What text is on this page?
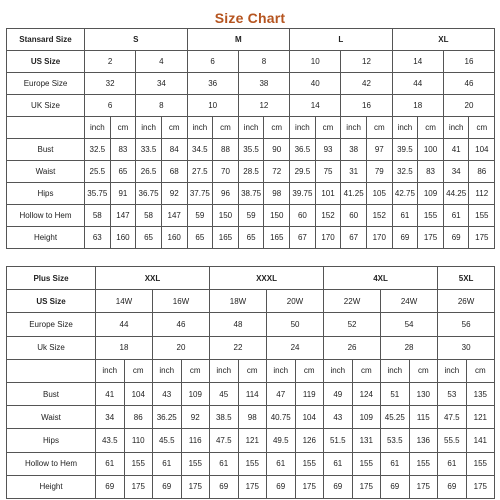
Size Chart
Stansard Size	S				M				L				XL			
US Size	2		4		6		8		10		12		14		16	
Europe Size	32		34		36		38		40		42		44		46	
UK Size	6		8		10		12		14		16		18		20	
	inch	cm	inch	cm	inch	cm	inch	cm	inch	cm	inch	cm	inch	cm	inch	cm
Bust	32.5	83	33.5	84	34.5	88	35.5	90	36.5	93	38	97	39.5	100	41	104
Waist	25.5	65	26.5	68	27.5	70	28.5	72	29.5	75	31	79	32.5	83	34	86
Hips	35.75	91	36.75	92	37.75	96	38.75	98	39.75	101	41.25	105	42.75	109	44.25	112
Hollow to Hem	58	147	58	147	59	150	59	150	60	152	60	152	61	155	61	155
Height	63	160	65	160	65	165	65	165	67	170	67	170	69	175	69	175
Plus Size	XXL				XXXL				4XL				5XL	
US Size	14W		16W		18W		20W		22W		24W		26W	
Europe Size	44		46		48		50		52		54		56	
Uk Size	18		20		22		24		26		28		30	
	inch	cm	inch	cm	inch	cm	inch	cm	inch	cm	inch	cm	inch	cm
Bust	41	104	43	109	45	114	47	119	49	124	51	130	53	135
Waist	34	86	36.25	92	38.5	98	40.75	104	43	109	45.25	115	47.5	121
Hips	43.5	110	45.5	116	47.5	121	49.5	126	51.5	131	53.5	136	55.5	141
Hollow to Hem	61	155	61	155	61	155	61	155	61	155	61	155	61	155
Height	69	175	69	175	69	175	69	175	69	175	69	175	69	175
